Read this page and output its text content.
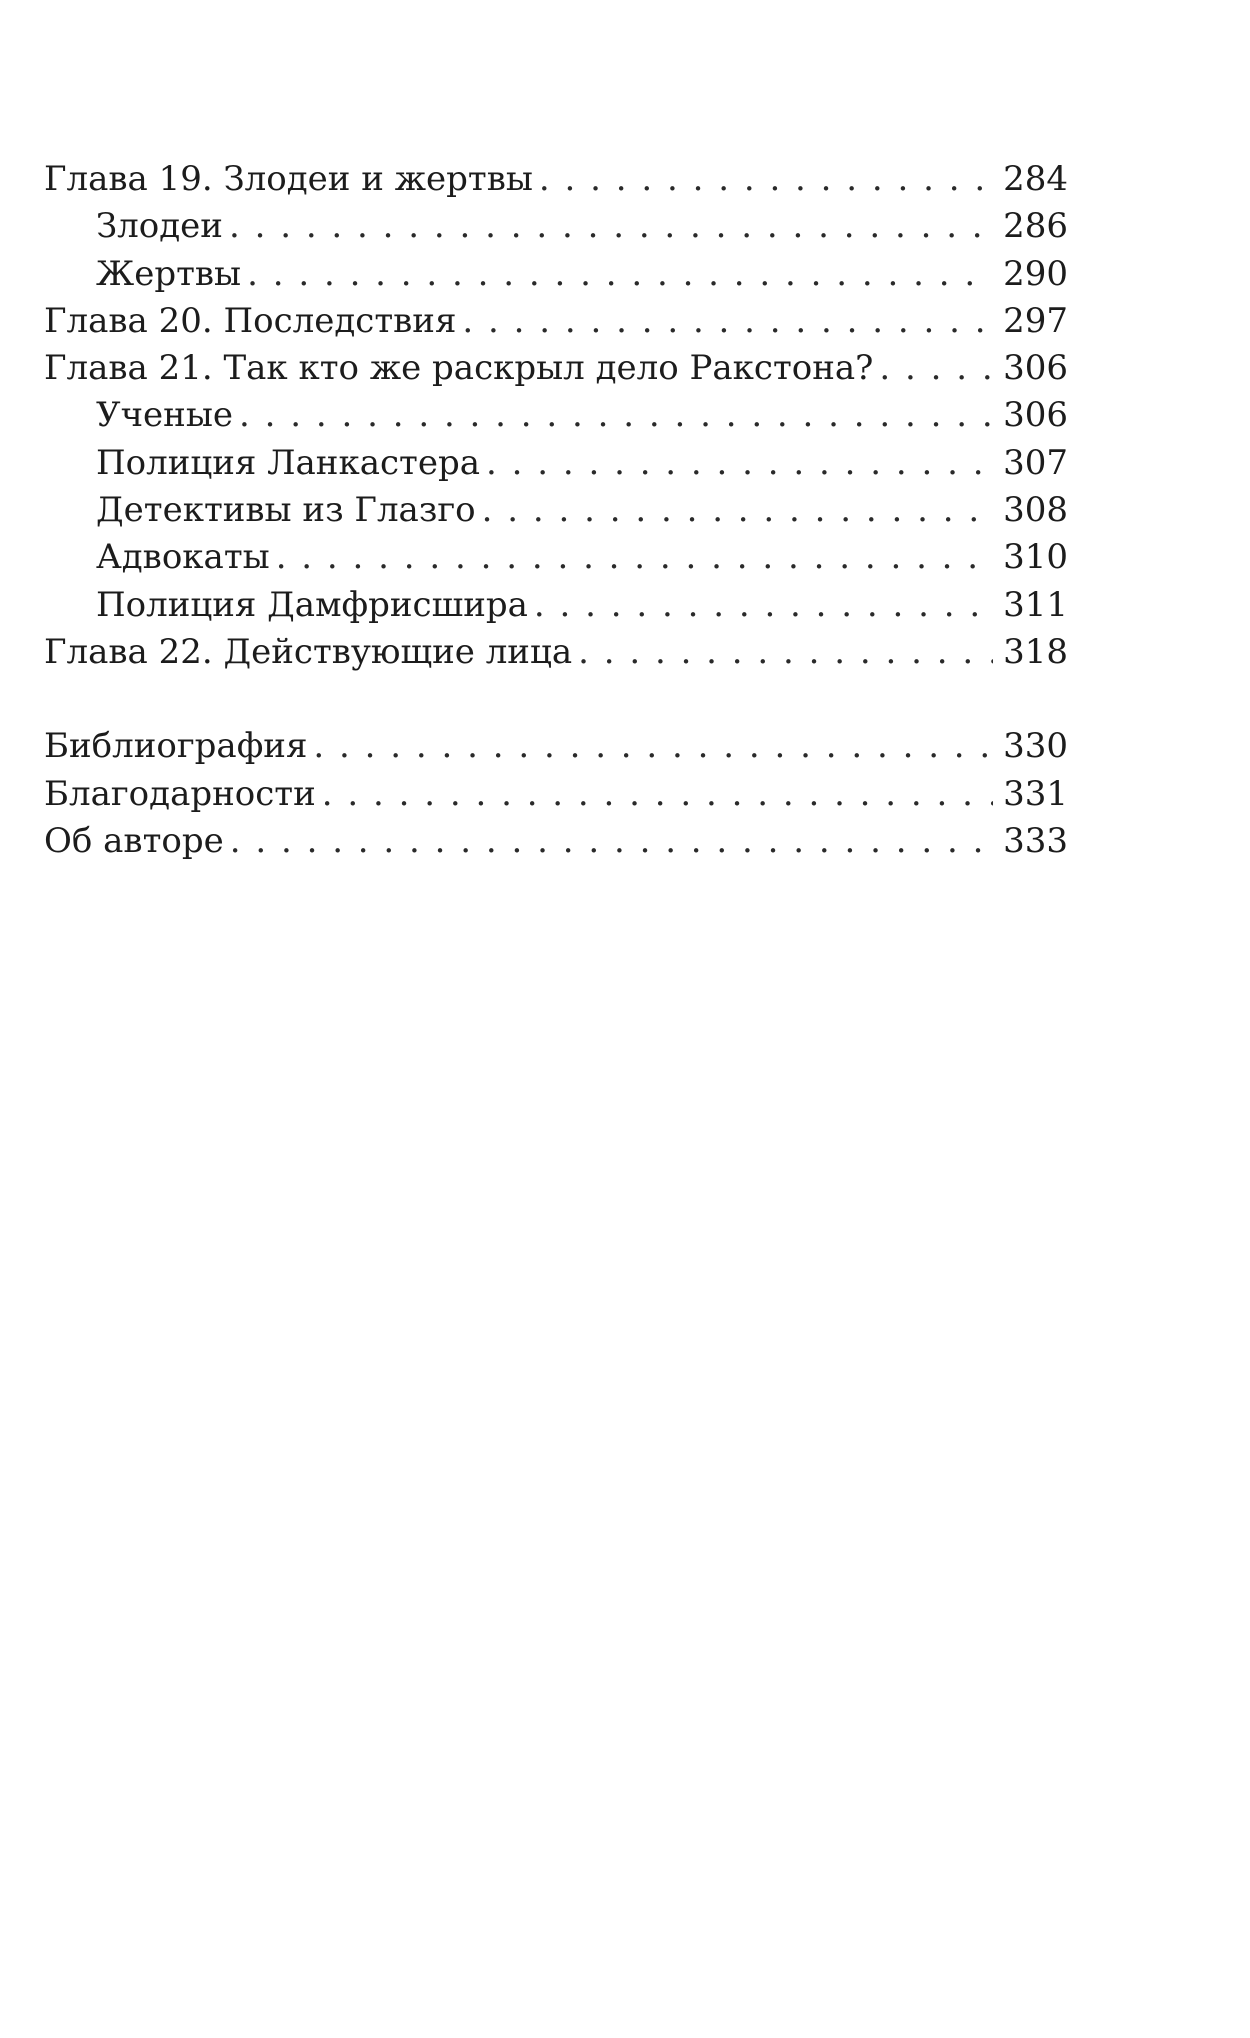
Глава 19. Злодеи и жертвы . . .	284
Злодеи . . .	286
Жертвы . . .	290
Глава 20. Последствия . . .	297
Глава 21. Так кто же раскрыл дело Ракстона? . . .	306
Ученые . . .	306
Полиция Ланкастера . . .	307
Детективы из Глазго . . .	308
Адвокаты . . .	310
Полиция Дамфрисшира . . .	311
Глава 22. Действующие лица . . .	318
Библиография . . .	330
Благодарности . . .	331
Об авторе . . .	333
